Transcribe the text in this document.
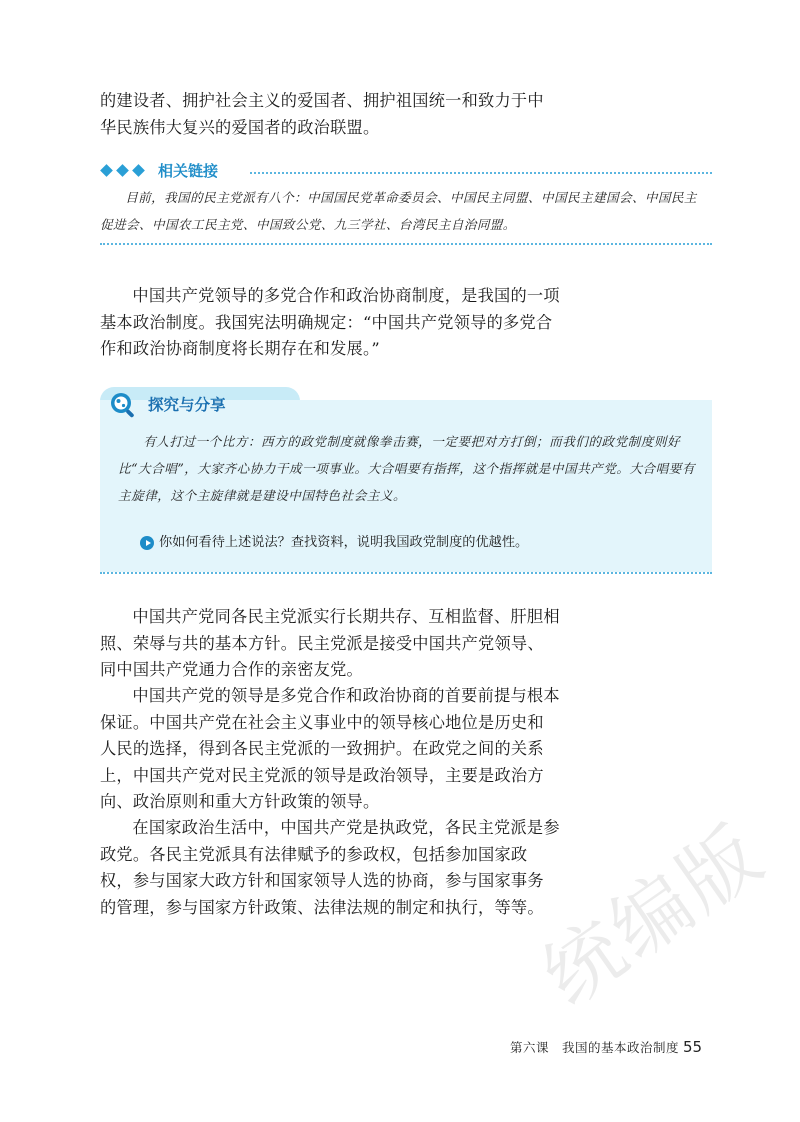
的建设者、拥护社会主义的爱国者、拥护祖国统一和致力于中华民族伟大复兴的爱国者的政治联盟。

相关链接

目前，我国的民主党派有八个：中国国民党革命委员会、中国民主同盟、中国民主建国会、中国民主促进会、中国农工民主党、中国致公党、九三学社、台湾民主自治同盟。

中国共产党领导的多党合作和政治协商制度，是我国的一项基本政治制度。我国宪法明确规定：“中国共产党领导的多党合作和政治协商制度将长期存在和发展。”

探究与分享

有人打过一个比方：西方的政党制度就像拳击赛，一定要把对方打倒；而我们的政党制度则好比“大合唱”，大家齐心协力干成一项事业。大合唱要有指挥，这个指挥就是中国共产党。大合唱要有主旋律，这个主旋律就是建设中国特色社会主义。

你如何看待上述说法？查找资料，说明我国政党制度的优越性。

中国共产党同各民主党派实行长期共存、互相监督、肝胆相照、荣辱与共的基本方针。民主党派是接受中国共产党领导、同中国共产党通力合作的亲密友党。

中国共产党的领导是多党合作和政治协商的首要前提与根本保证。中国共产党在社会主义事业中的领导核心地位是历史和人民的选择，得到各民主党派的一致拥护。在政党之间的关系上，中国共产党对民主党派的领导是政治领导，主要是政治方向、政治原则和重大方针政策的领导。

在国家政治生活中，中国共产党是执政党，各民主党派是参政党。各民主党派具有法律赋予的参政权，包括参加国家政权，参与国家大政方针和国家领导人选的协商，参与国家事务的管理，参与国家方针政策、法律法规的制定和执行，等等。

统编版
第六课　我国的基本政治制度 55
